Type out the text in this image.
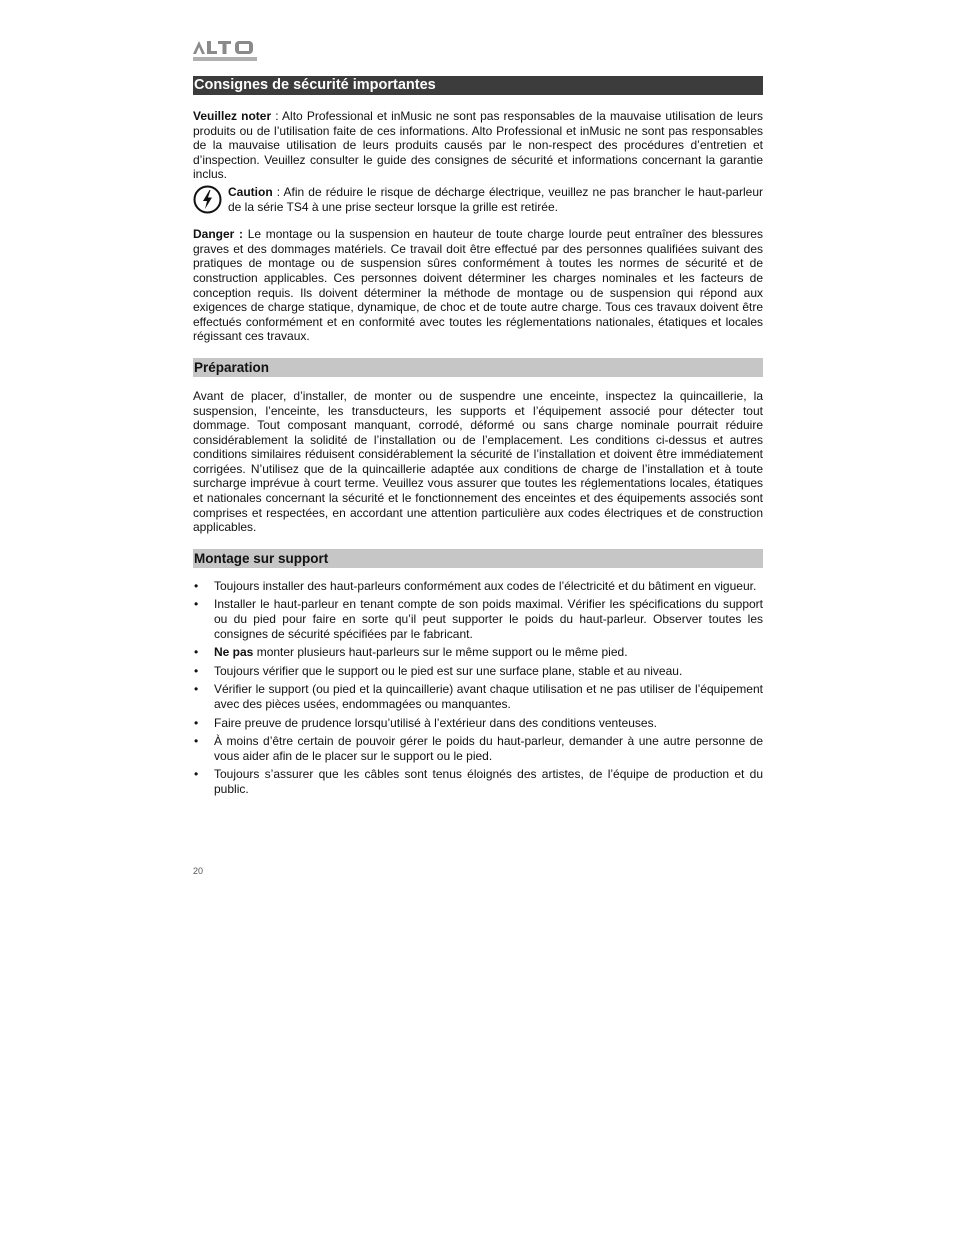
Consignes de sécurité importantes

Veuillez noter : Alto Professional et inMusic ne sont pas responsables de la mauvaise utilisation de leurs produits ou de l’utilisation faite de ces informations. Alto Professional et inMusic ne sont pas responsables de la mauvaise utilisation de leurs produits causés par le non-respect des procédures d’entretien et d’inspection. Veuillez consulter le guide des consignes de sécurité et informations concernant la garantie inclus.

Caution : Afin de réduire le risque de décharge électrique, veuillez ne pas brancher le haut-parleur de la série TS4 à une prise secteur lorsque la grille est retirée.

Danger : Le montage ou la suspension en hauteur de toute charge lourde peut entraîner des blessures graves et des dommages matériels. Ce travail doit être effectué par des personnes qualifiées suivant des pratiques de montage ou de suspension sûres conformément à toutes les normes de sécurité et de construction applicables. Ces personnes doivent déterminer les charges nominales et les facteurs de conception requis. Ils doivent déterminer la méthode de montage ou de suspension qui répond aux exigences de charge statique, dynamique, de choc et de toute autre charge. Tous ces travaux doivent être effectués conformément et en conformité avec toutes les réglementations nationales, étatiques et locales régissant ces travaux.

Préparation

Avant de placer, d’installer, de monter ou de suspendre une enceinte, inspectez la quincaillerie, la suspension, l’enceinte, les transducteurs, les supports et l’équipement associé pour détecter tout dommage. Tout composant manquant, corrodé, déformé ou sans charge nominale pourrait réduire considérablement la solidité de l’installation ou de l’emplacement. Les conditions ci-dessus et autres conditions similaires réduisent considérablement la sécurité de l’installation et doivent être immédiatement corrigées. N’utilisez que de la quincaillerie adaptée aux conditions de charge de l’installation et à toute surcharge imprévue à court terme. Veuillez vous assurer que toutes les réglementations locales, étatiques et nationales concernant la sécurité et le fonctionnement des enceintes et des équipements associés sont comprises et respectées, en accordant une attention particulière aux codes électriques et de construction applicables.

Montage sur support
• Toujours installer des haut-parleurs conformément aux codes de l’électricité et du bâtiment en vigueur.
• Installer le haut-parleur en tenant compte de son poids maximal. Vérifier les spécifications du support ou du pied pour faire en sorte qu’il peut supporter le poids du haut-parleur. Observer toutes les consignes de sécurité spécifiées par le fabricant.
• Ne pas monter plusieurs haut-parleurs sur le même support ou le même pied.
• Toujours vérifier que le support ou le pied est sur une surface plane, stable et au niveau.
• Vérifier le support (ou pied et la quincaillerie) avant chaque utilisation et ne pas utiliser de l’équipement avec des pièces usées, endommagées ou manquantes.
• Faire preuve de prudence lorsqu’utilisé à l’extérieur dans des conditions venteuses.
• À moins d’être certain de pouvoir gérer le poids du haut-parleur, demander à une autre personne de vous aider afin de le placer sur le support ou le pied.
• Toujours s’assurer que les câbles sont tenus éloignés des artistes, de l’équipe de production et du public.
20
